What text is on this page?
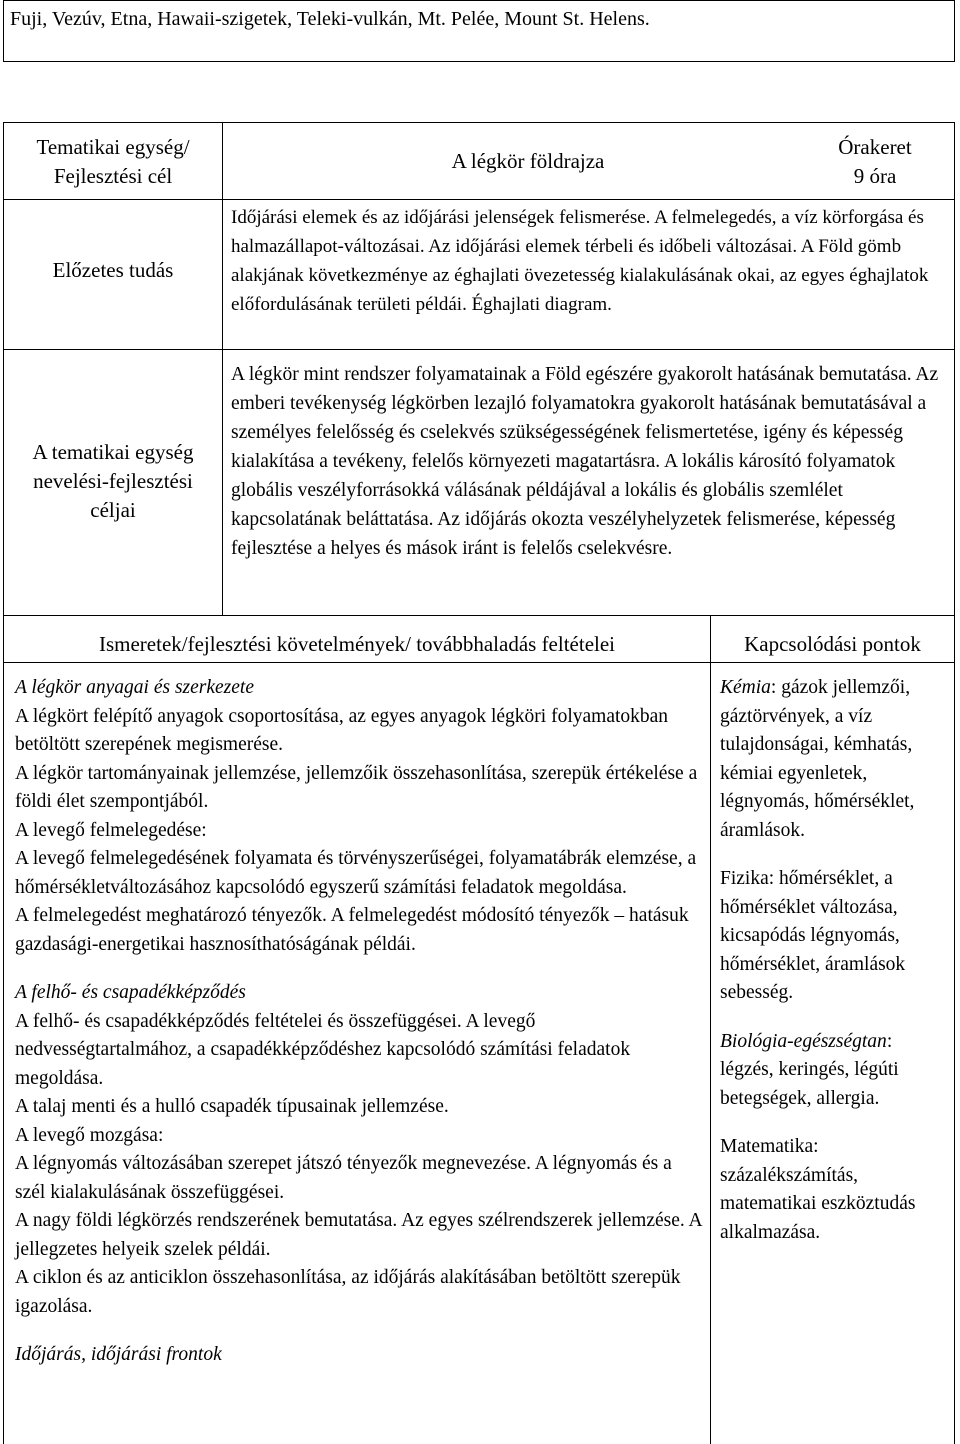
Fuji, Vezúv, Etna, Hawaii-szigetek, Teleki-vulkán, Mt. Pelée, Mount St. Helens.
Tematikai egység/
Fejlesztési cél
A légkör földrajza
Órakeret
9 óra
Előzetes tudás
Időjárási elemek és az időjárási jelenségek felismerése. A felmelegedés, a víz körforgása és halmazállapot-változásai. Az időjárási elemek térbeli és időbeli változásai. A Föld gömb alakjának következménye az éghajlati övezetesség kialakulásának okai, az egyes éghajlatok előfordulásának területi példái. Éghajlati diagram.
A tematikai egység
nevelési-fejlesztési
céljai
A légkör mint rendszer folyamatainak a Föld egészére gyakorolt hatásának bemutatása. Az emberi tevékenység légkörben lezajló folyamatokra gyakorolt hatásának bemutatásával a személyes felelősség és cselekvés szükségességének felismertetése, igény és képesség kialakítása a tevékeny, felelős környezeti magatartásra. A lokális károsító folyamatok globális veszélyforrásokká válásának példájával a lokális és globális szemlélet kapcsolatának beláttatása. Az időjárás okozta veszélyhelyzetek felismerése, képesség fejlesztése a helyes és mások iránt is felelős cselekvésre.
Ismeretek/fejlesztési követelmények/ továbbhaladás feltételei	Kapcsolódási pontok
A légkör anyagai és szerkezete
A légkört felépítő anyagok csoportosítása, az egyes anyagok légköri folyamatokban betöltött szerepének megismerése.
A légkör tartományainak jellemzése, jellemzőik összehasonlítása, szerepük értékelése a földi élet szempontjából.
A levegő felmelegedése:
A levegő felmelegedésének folyamata és törvényszerűségei, folyamatábrák elemzése, a hőmérsékletváltozásához kapcsolódó egyszerű számítási feladatok megoldása.
A felmelegedést meghatározó tényezők. A felmelegedést módosító tényezők – hatásuk gazdasági-energetikai hasznosíthatóságának példái.
A felhő- és csapadékképződés
A felhő- és csapadékképződés feltételei és összefüggései. A levegő nedvességtartalmához, a csapadékképződéshez kapcsolódó számítási feladatok megoldása.
A talaj menti és a hulló csapadék típusainak jellemzése.
A levegő mozgása:
A légnyomás változásában szerepet játszó tényezők megnevezése. A légnyomás és a szél kialakulásának összefüggései.
A nagy földi légkörzés rendszerének bemutatása. Az egyes szélrendszerek jellemzése. A jellegzetes helyeik szelek példái.
A ciklon és az anticiklon összehasonlítása, az időjárás alakításában betöltött szerepük igazolása.
Időjárás, időjárási frontok
Kémia: gázok jellemzői, gáztörvények, a víz tulajdonságai, kémhatás, kémiai egyenletek, légnyomás, hőmérséklet, áramlások.
Fizika: hőmérséklet, a hőmérséklet változása, kicsapódás légnyomás, hőmérséklet, áramlások sebesség.
Biológia-egészségtan: légzés, keringés, légúti betegségek, allergia.
Matematika: százalékszámítás, matematikai eszköztudás alkalmazása.
